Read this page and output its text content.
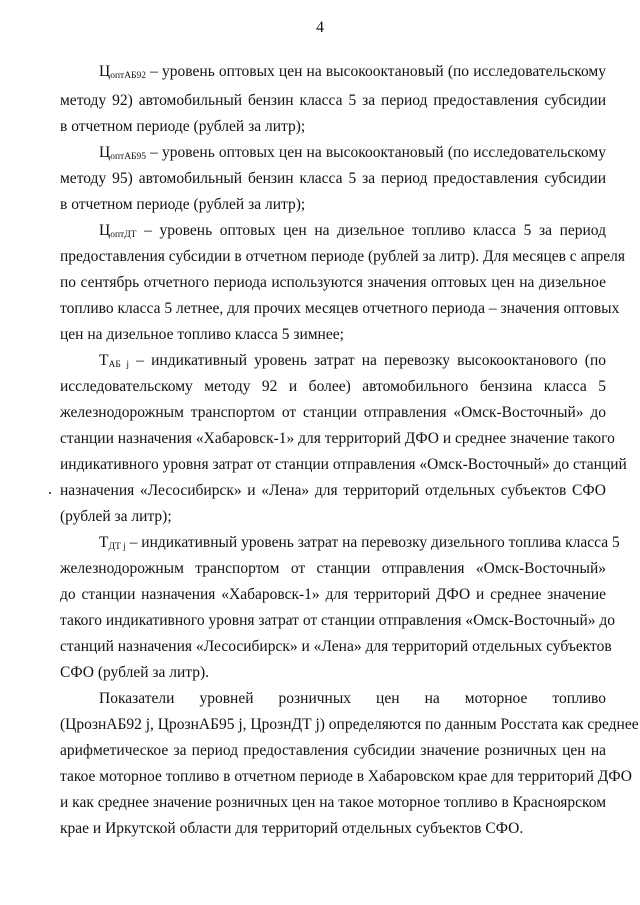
4
$Ц_{оптАБ92}$ – уровень оптовых цен на высокооктановый (по исследовательскому
методу 92) автомобильный бензин класса 5 за период предоставления субсидии
в отчетном периоде (рублей за литр);
$Ц_{оптАБ95}$ – уровень оптовых цен на высокооктановый (по исследовательскому
методу 95) автомобильный бензин класса 5 за период предоставления субсидии
в отчетном периоде (рублей за литр);
$Ц_{оптДТ}$ – уровень оптовых цен на дизельное топливо класса 5 за период
предоставления субсидии в отчетном периоде (рублей за литр). Для месяцев с апреля
по сентябрь отчетного периода используются значения оптовых цен на дизельное
топливо класса 5 летнее, для прочих месяцев отчетного периода – значения оптовых
цен на дизельное топливо класса 5 зимнее;
$Т_{АБ j}$ – индикативный уровень затрат на перевозку высокооктанового (по
исследовательскому методу 92 и более) автомобильного бензина класса 5
железнодорожным транспортом от станции отправления «Омск-Восточный» до
станции назначения «Хабаровск-1» для территорий ДФО и среднее значение такого
индикативного уровня затрат от станции отправления «Омск-Восточный» до станций
назначения «Лесосибирск» и «Лена» для территорий отдельных субъектов СФО
(рублей за литр);
$Т_{ДТ j}$ – индикативный уровень затрат на перевозку дизельного топлива класса 5
железнодорожным транспортом от станции отправления «Омск-Восточный»
до станции назначения «Хабаровск-1» для территорий ДФО и среднее значение
такого индикативного уровня затрат от станции отправления «Омск-Восточный» до
станций назначения «Лесосибирск» и «Лена» для территорий отдельных субъектов
СФО (рублей за литр).
Показатели уровней розничных цен на моторное топливо
(ЦрознАБ92 j, ЦрознАБ95 j, ЦрознДТ j) определяются по данным Росстата как среднее
арифметическое за период предоставления субсидии значение розничных цен на
такое моторное топливо в отчетном периоде в Хабаровском крае для территорий ДФО
и как среднее значение розничных цен на такое моторное топливо в Красноярском
крае и Иркутской области для территорий отдельных субъектов СФО.
